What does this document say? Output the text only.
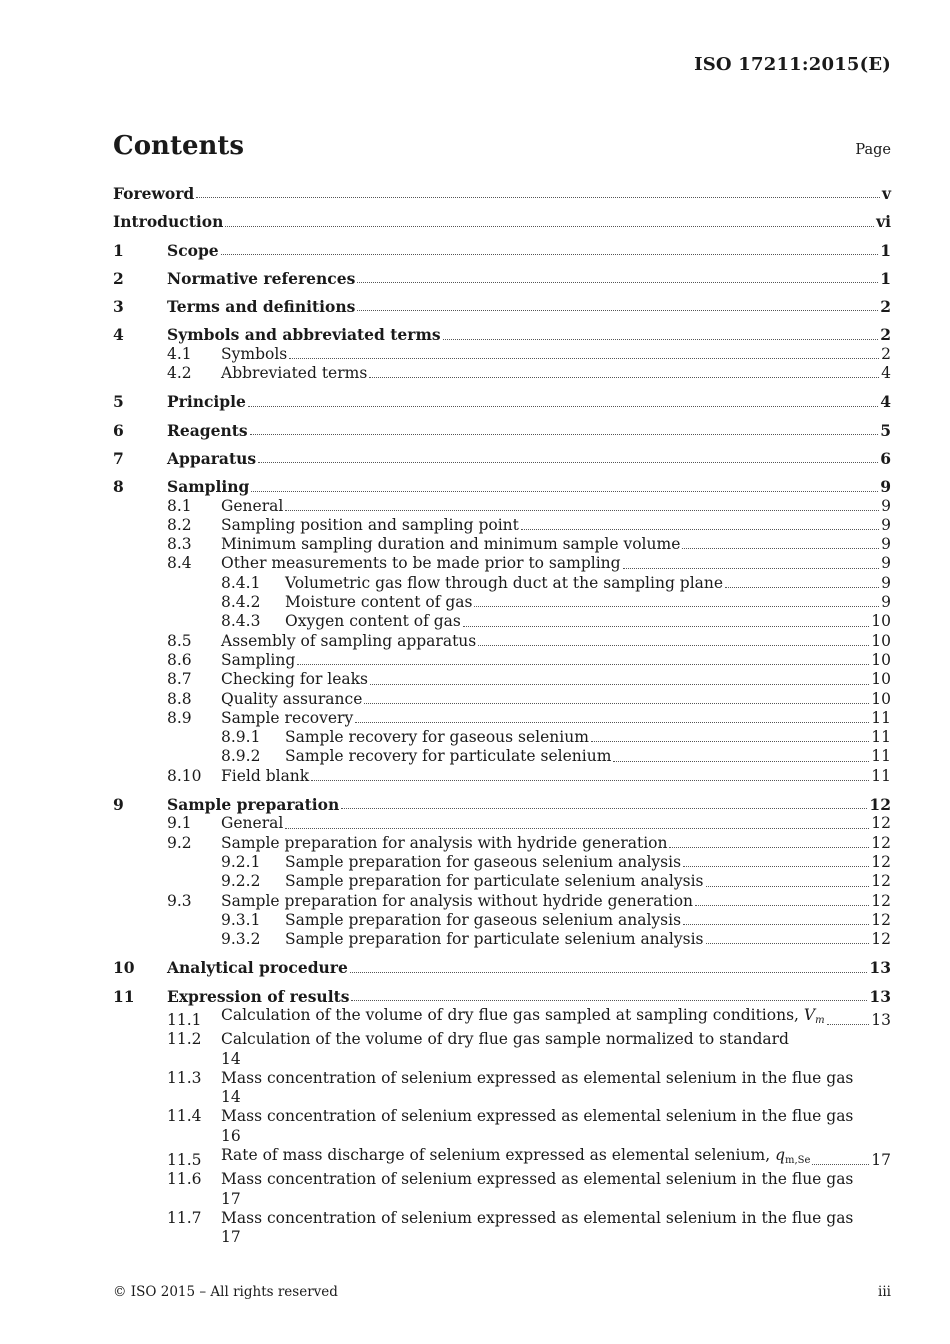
ISO 17211:2015(E)
Contents	Page
Foreword	v
Introduction	vi
1	Scope	1
2	Normative references	1
3	Terms and definitions	2
4	Symbols and abbreviated terms	2
4.1	Symbols	2
4.2	Abbreviated terms	4
5	Principle	4
6	Reagents	5
7	Apparatus	6
8	Sampling	9
8.1	General	9
8.2	Sampling position and sampling point	9
8.3	Minimum sampling duration and minimum sample volume	9
8.4	Other measurements to be made prior to sampling	9
8.4.1	Volumetric gas flow through duct at the sampling plane	9
8.4.2	Moisture content of gas	9
8.4.3	Oxygen content of gas	10
8.5	Assembly of sampling apparatus	10
8.6	Sampling	10
8.7	Checking for leaks	10
8.8	Quality assurance	10
8.9	Sample recovery	11
8.9.1	Sample recovery for gaseous selenium	11
8.9.2	Sample recovery for particulate selenium	11
8.10	Field blank	11
9	Sample preparation	12
9.1	General	12
9.2	Sample preparation for analysis with hydride generation	12
9.2.1	Sample preparation for gaseous selenium analysis	12
9.2.2	Sample preparation for particulate selenium analysis	12
9.3	Sample preparation for analysis without hydride generation	12
9.3.1	Sample preparation for gaseous selenium analysis	12
9.3.2	Sample preparation for particulate selenium analysis	12
10	Analytical procedure	13
11	Expression of results	13
11.1	Calculation of the volume of dry flue gas sampled at sampling conditions, $V_m$	13
11.2	Calculation of the volume of dry flue gas sample normalized to standard
14
11.3	Mass concentration of selenium expressed as elemental selenium in the flue gas
14
11.4	Mass concentration of selenium expressed as elemental selenium in the flue gas
16
11.5	Rate of mass discharge of selenium expressed as elemental selenium, $q_{m,Se}$	17
11.6	Mass concentration of selenium expressed as elemental selenium in the flue gas
17
11.7	Mass concentration of selenium expressed as elemental selenium in the flue gas
17
© ISO 2015 – All rights reserved	iii
